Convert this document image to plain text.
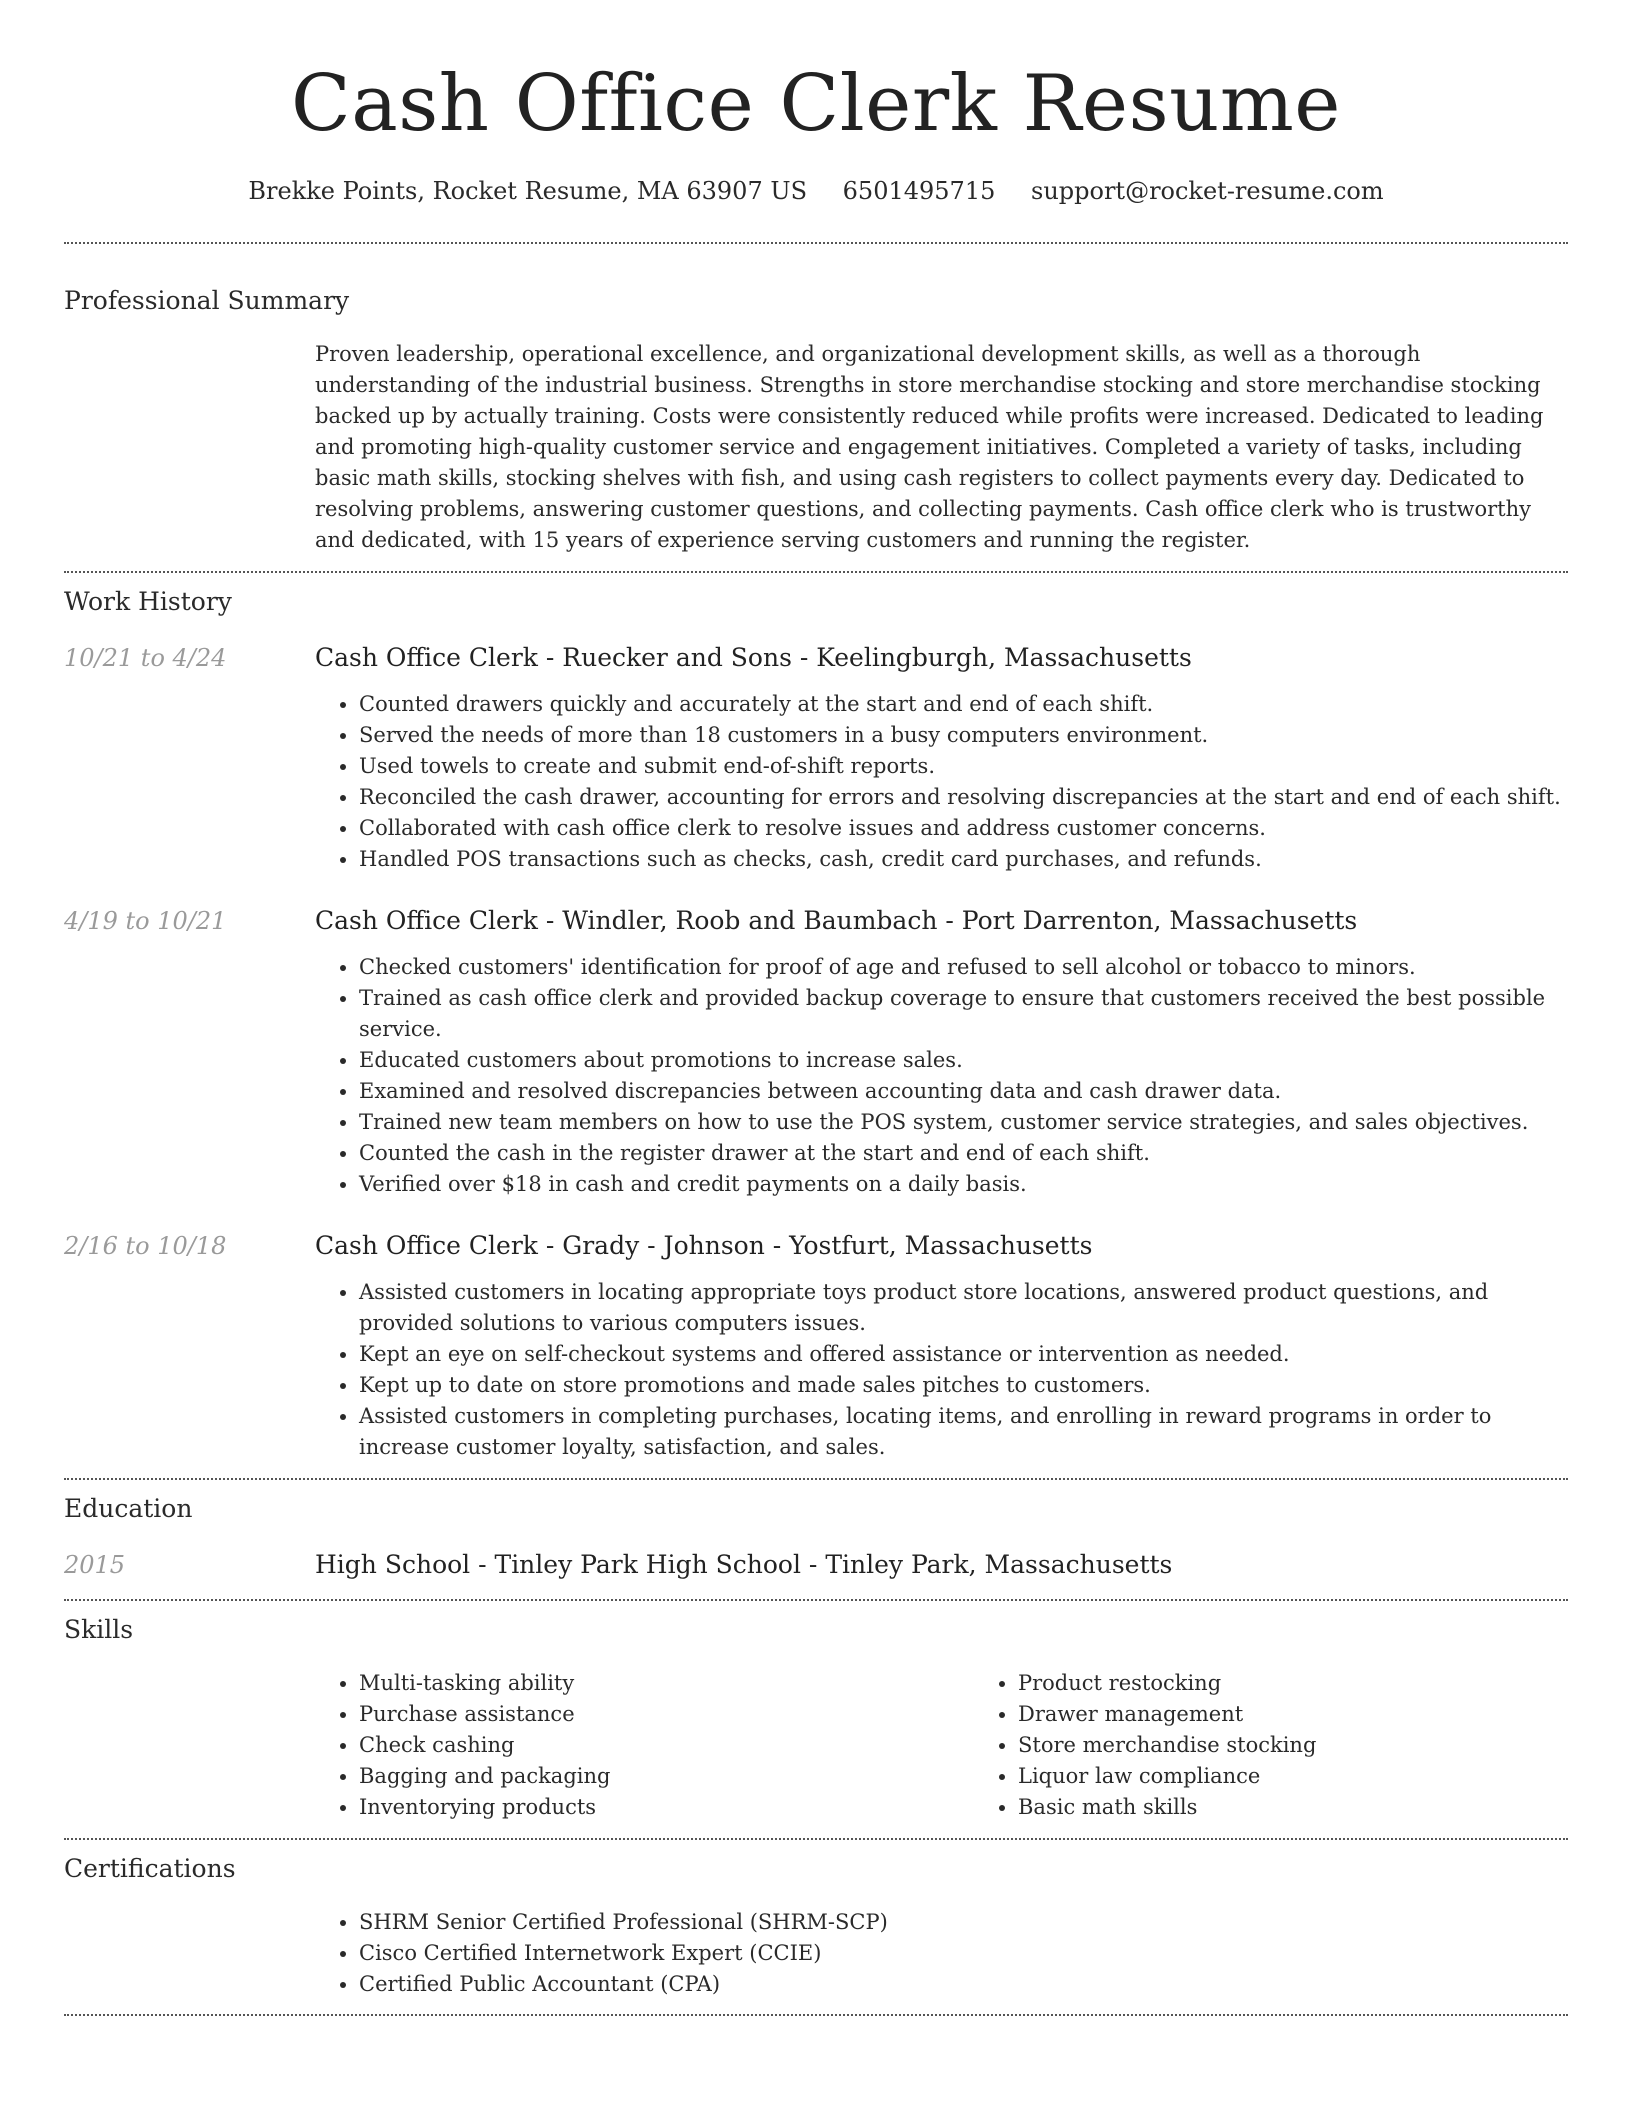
Cash Office Clerk Resume
Brekke Points, Rocket Resume, MA 63907 US 6501495715 support@rocket-resume.com
Professional Summary

Proven leadership, operational excellence, and organizational development skills, as well as a thorough understanding of the industrial business. Strengths in store merchandise stocking and store merchandise stocking backed up by actually training. Costs were consistently reduced while profits were increased. Dedicated to leading and promoting high-quality customer service and engagement initiatives. Completed a variety of tasks, including basic math skills, stocking shelves with fish, and using cash registers to collect payments every day. Dedicated to resolving problems, answering customer questions, and collecting payments. Cash office clerk who is trustworthy and dedicated, with 15 years of experience serving customers and running the register.

Work History
10/21 to 4/24	Cash Office Clerk - Ruecker and Sons - Keelingburgh, Massachusetts
• Counted drawers quickly and accurately at the start and end of each shift.
• Served the needs of more than 18 customers in a busy computers environment.
• Used towels to create and submit end-of-shift reports.
• Reconciled the cash drawer, accounting for errors and resolving discrepancies at the start and end of each shift.
• Collaborated with cash office clerk to resolve issues and address customer concerns.
• Handled POS transactions such as checks, cash, credit card purchases, and refunds.
4/19 to 10/21	Cash Office Clerk - Windler, Roob and Baumbach - Port Darrenton, Massachusetts
• Checked customers' identification for proof of age and refused to sell alcohol or tobacco to minors.
• Trained as cash office clerk and provided backup coverage to ensure that customers received the best possible service.
• Educated customers about promotions to increase sales.
• Examined and resolved discrepancies between accounting data and cash drawer data.
• Trained new team members on how to use the POS system, customer service strategies, and sales objectives.
• Counted the cash in the register drawer at the start and end of each shift.
• Verified over $18 in cash and credit payments on a daily basis.
2/16 to 10/18	Cash Office Clerk - Grady - Johnson - Yostfurt, Massachusetts
• Assisted customers in locating appropriate toys product store locations, answered product questions, and provided solutions to various computers issues.
• Kept an eye on self-checkout systems and offered assistance or intervention as needed.
• Kept up to date on store promotions and made sales pitches to customers.
• Assisted customers in completing purchases, locating items, and enrolling in reward programs in order to increase customer loyalty, satisfaction, and sales.
Education
2015	High School - Tinley Park High School - Tinley Park, Massachusetts
Skills
• Multi-tasking ability
• Purchase assistance
• Check cashing
• Bagging and packaging
• Inventorying products
• Product restocking
• Drawer management
• Store merchandise stocking
• Liquor law compliance
• Basic math skills
Certifications
• SHRM Senior Certified Professional (SHRM-SCP)
• Cisco Certified Internetwork Expert (CCIE)
• Certified Public Accountant (CPA)
